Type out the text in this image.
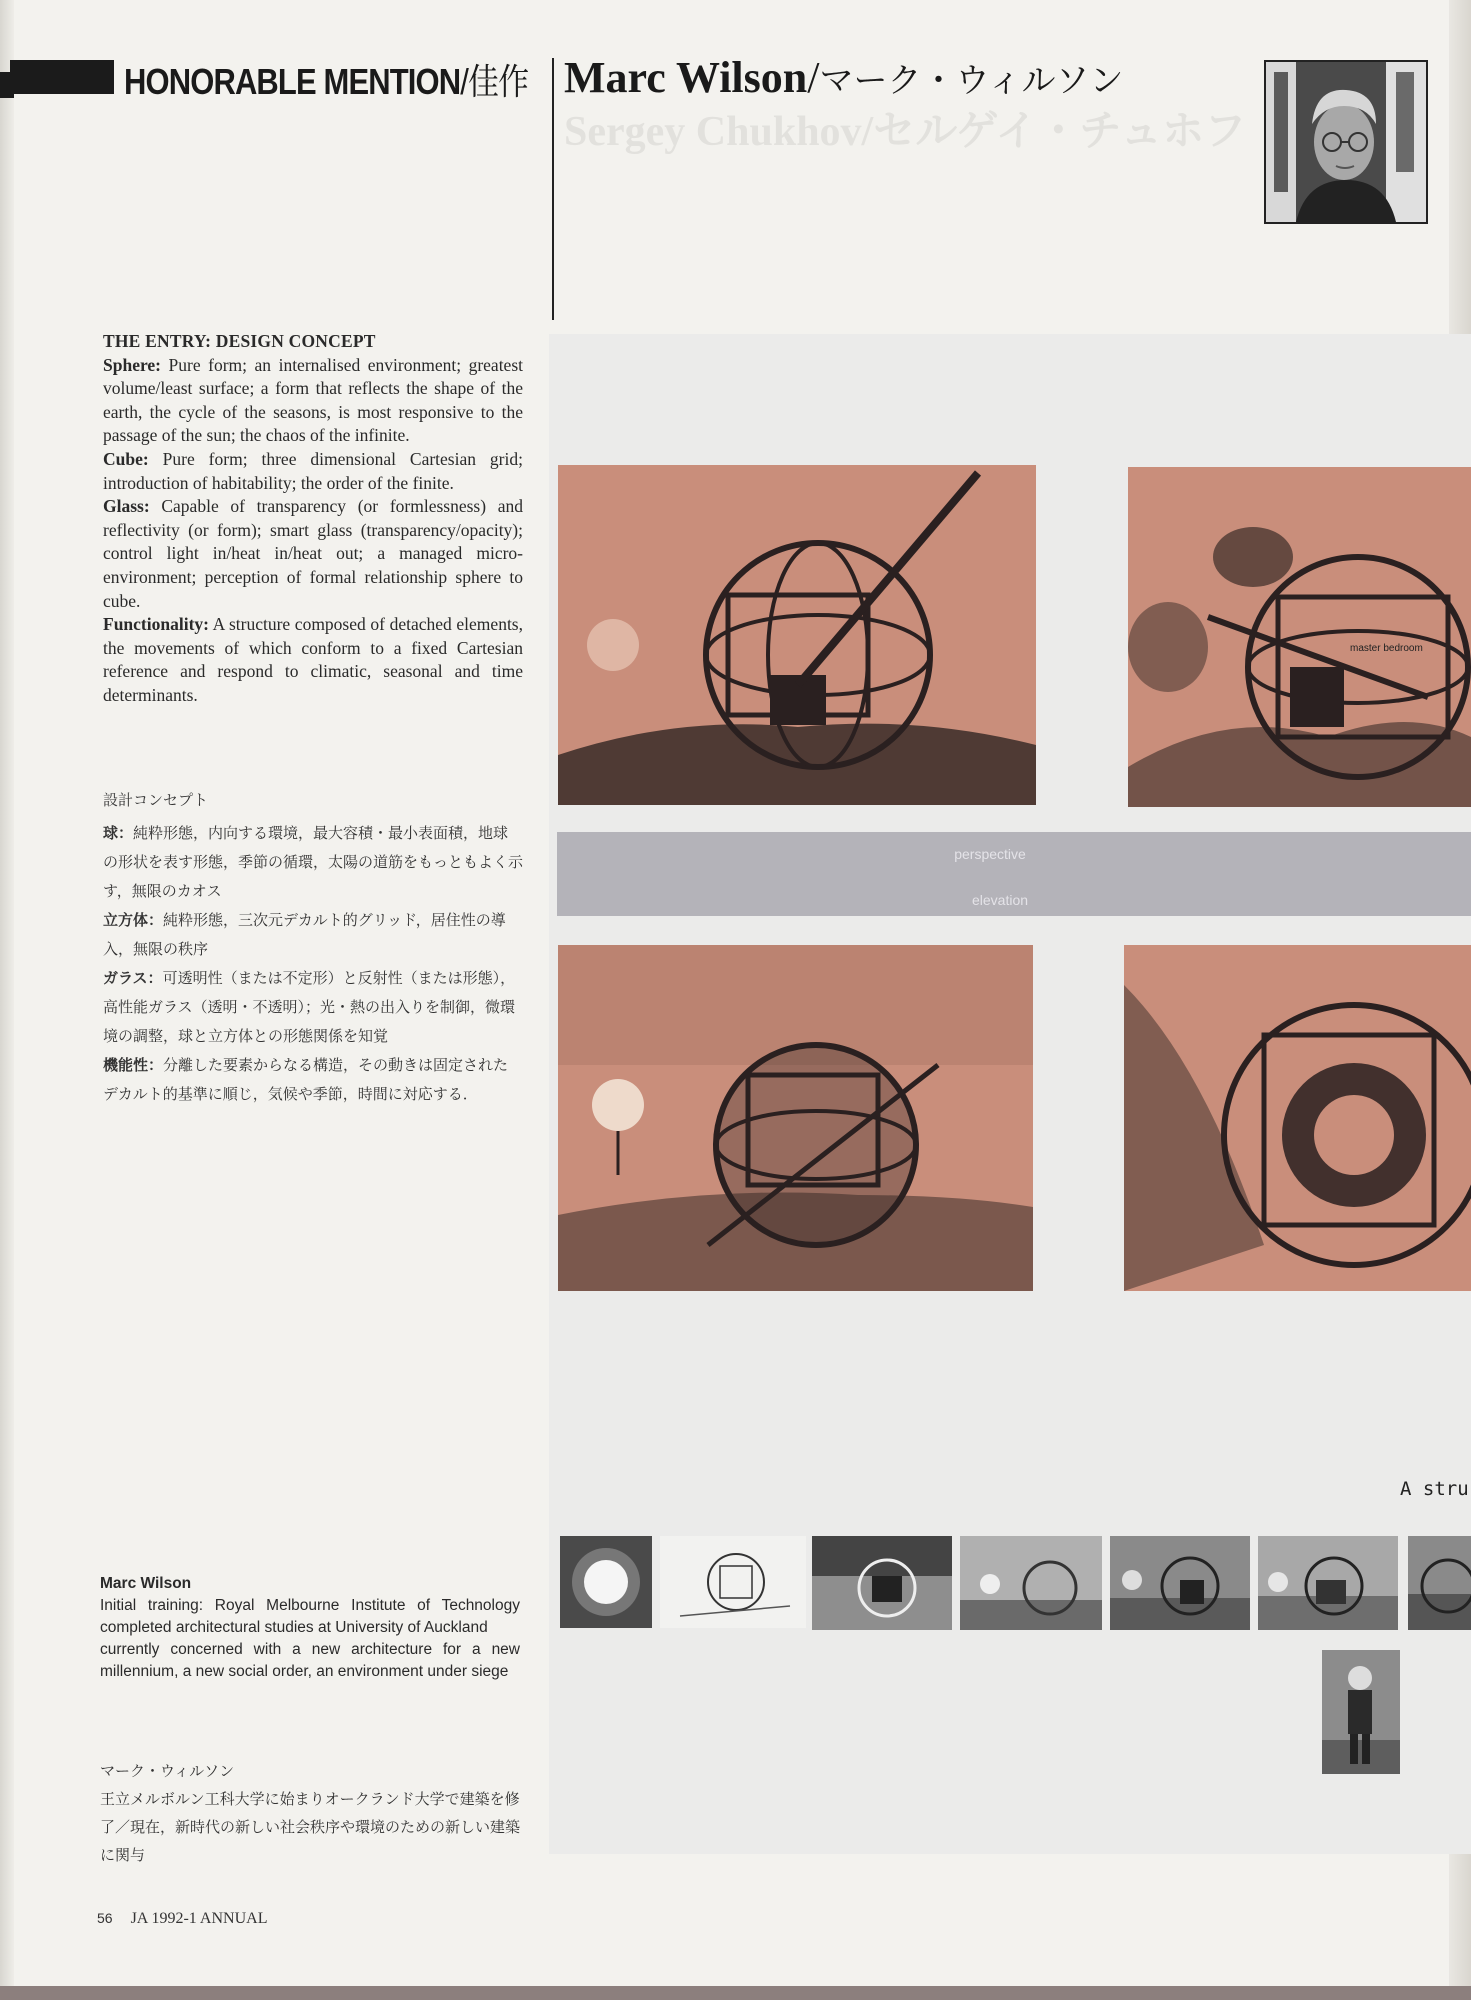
HONORABLE MENTION/佳作 Marc Wilson/マーク・ウィルソン
Sergey Chukhov/セルゲイ・チュホフ
THE ENTRY: DESIGN CONCEPT

Sphere: Pure form; an internalised environment; greatest volume/least surface; a form that reflects the shape of the earth, the cycle of the seasons, is most responsive to the passage of the sun; the chaos of the infinite.

Cube: Pure form; three dimensional Cartesian grid; introduction of habitability; the order of the finite.

Glass: Capable of transparency (or formlessness) and reflectivity (or form); smart glass (transparency/opacity); control light in/heat in/heat out; a managed micro-environment; perception of formal relationship sphere to cube.

Functionality: A structure composed of detached elements, the movements of which conform to a fixed Cartesian reference and respond to climatic, seasonal and time determinants.

設計コンセプト

球：純粋形態，内向する環境，最大容積・最小表面積，地球の形状を表す形態，季節の循環，太陽の道筋をもっともよく示す，無限のカオス

立方体：純粋形態，三次元デカルト的グリッド，居住性の導入，無限の秩序

ガラス：可透明性（または不定形）と反射性（または形態），高性能ガラス（透明・不透明）；光・熱の出入りを制御，微環境の調整，球と立方体との形態関係を知覚

機能性：分離した要素からなる構造，その動きは固定されたデカルト的基準に順じ，気候や季節，時間に対応する．

Marc Wilson

Initial training: Royal Melbourne Institute of Technology completed architectural studies at University of Auckland

currently concerned with a new architecture for a new millennium, a new social order, an environment under siege

マーク・ウィルソン

王立メルボルン工科大学に始まりオークランド大学で建築を修了／現在，新時代の新しい社会秩序や環境のための新しい建築に関与

56 JA 1992-1 ANNUAL
master bedroom
perspective
elevation
A stru
